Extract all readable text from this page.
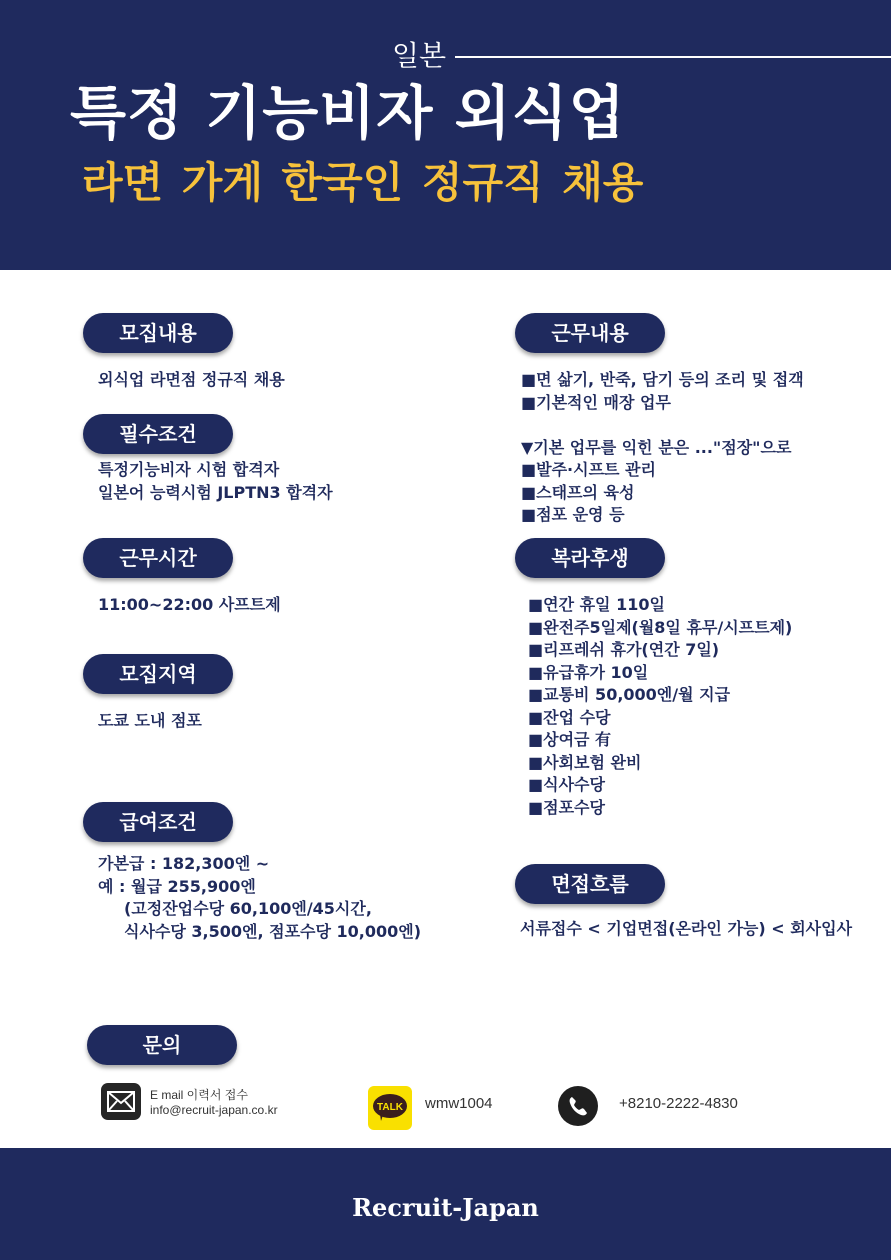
일본
특정 기능비자 외식업
라면 가게 한국인 정규직 채용
모집내용
외식업 라면점 정규직 채용
필수조건
특정기능비자 시험 합격자
일본어 능력시험 JLPTN3 합격자
근무시간
11:00~22:00 사프트제
모집지역
도쿄 도내 점포
급여조건
가본급 : 182,300엔 ~
예 : 월급 255,900엔
(고정잔업수당 60,100엔/45시간,
식사수당 3,500엔, 점포수당 10,000엔)
근무내용
■면 삶기, 반죽, 담기 등의 조리 및 접객
■기본적인 매장 업무
▼기본 업무를 익힌 분은 ..."점장"으로
■발주·시프트 관리
■스태프의 육성
■점포 운영 등
복라후생
■연간 휴일 110일
■완전주5일제(월8일 휴무/시프트제)
■리프레쉬 휴가(연간 7일)
■유급휴가 10일
■교통비 50,000엔/월 지급
■잔업 수당
■상여금 有
■사회보험 완비
■식사수당
■점포수당
면접흐름
서류접수 < 기업면접(온라인 가능) < 회사입사
문의
E mail 이력서 접수
info@recruit-japan.co.kr	TALK wmw1004	+8210-2222-4830
Recruit-Japan
